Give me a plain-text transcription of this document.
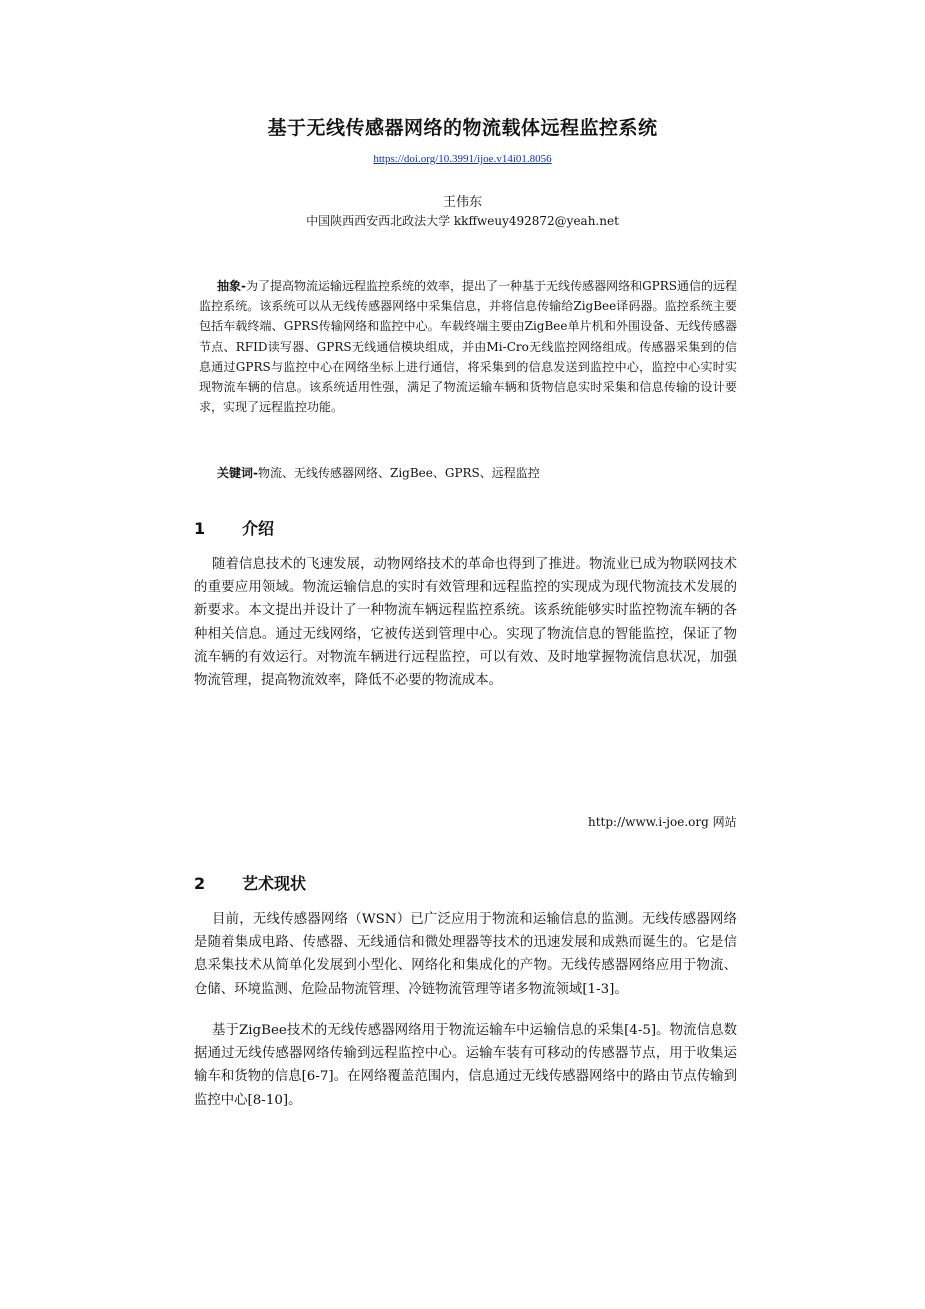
基于无线传感器网络的物流载体远程监控系统
https://doi.org/10.3991/ijoe.v14i01.8056
王伟东
中国陕西西安西北政法大学 kkffweuy492872@yeah.net

抽象-为了提高物流运输远程监控系统的效率，提出了一种基于无线传感器网络和GPRS通信的远程监控系统。该系统可以从无线传感器网络中采集信息，并将信息传输给ZigBee译码器。监控系统主要包括车载终端、GPRS传输网络和监控中心。车载终端主要由ZigBee单片机和外围设备、无线传感器节点、RFID读写器、GPRS无线通信模块组成，并由Mi-Cro无线监控网络组成。传感器采集到的信息通过GPRS与监控中心在网络坐标上进行通信，将采集到的信息发送到监控中心，监控中心实时实现物流车辆的信息。该系统适用性强，满足了物流运输车辆和货物信息实时采集和信息传输的设计要求，实现了远程监控功能。

关键词-物流、无线传感器网络、ZigBee、GPRS、远程监控

1 介绍

随着信息技术的飞速发展，动物网络技术的革命也得到了推进。物流业已成为物联网技术的重要应用领域。物流运输信息的实时有效管理和远程监控的实现成为现代物流技术发展的新要求。本文提出并设计了一种物流车辆远程监控系统。该系统能够实时监控物流车辆的各种相关信息。通过无线网络，它被传送到管理中心。实现了物流信息的智能监控，保证了物流车辆的有效运行。对物流车辆进行远程监控，可以有效、及时地掌握物流信息状况，加强物流管理，提高物流效率，降低不必要的物流成本。

http://www.i-joe.org 网站
2 艺术现状

目前，无线传感器网络（WSN）已广泛应用于物流和运输信息的监测。无线传感器网络是随着集成电路、传感器、无线通信和微处理器等技术的迅速发展和成熟而诞生的。它是信息采集技术从简单化发展到小型化、网络化和集成化的产物。无线传感器网络应用于物流、仓储、环境监测、危险品物流管理、冷链物流管理等诸多物流领域[1-3]。

基于ZigBee技术的无线传感器网络用于物流运输车中运输信息的采集[4-5]。物流信息数据通过无线传感器网络传输到远程监控中心。运输车装有可移动的传感器节点，用于收集运输车和货物的信息[6-7]。在网络覆盖范围内，信息通过无线传感器网络中的路由节点传输到监控中心[8-10]。
